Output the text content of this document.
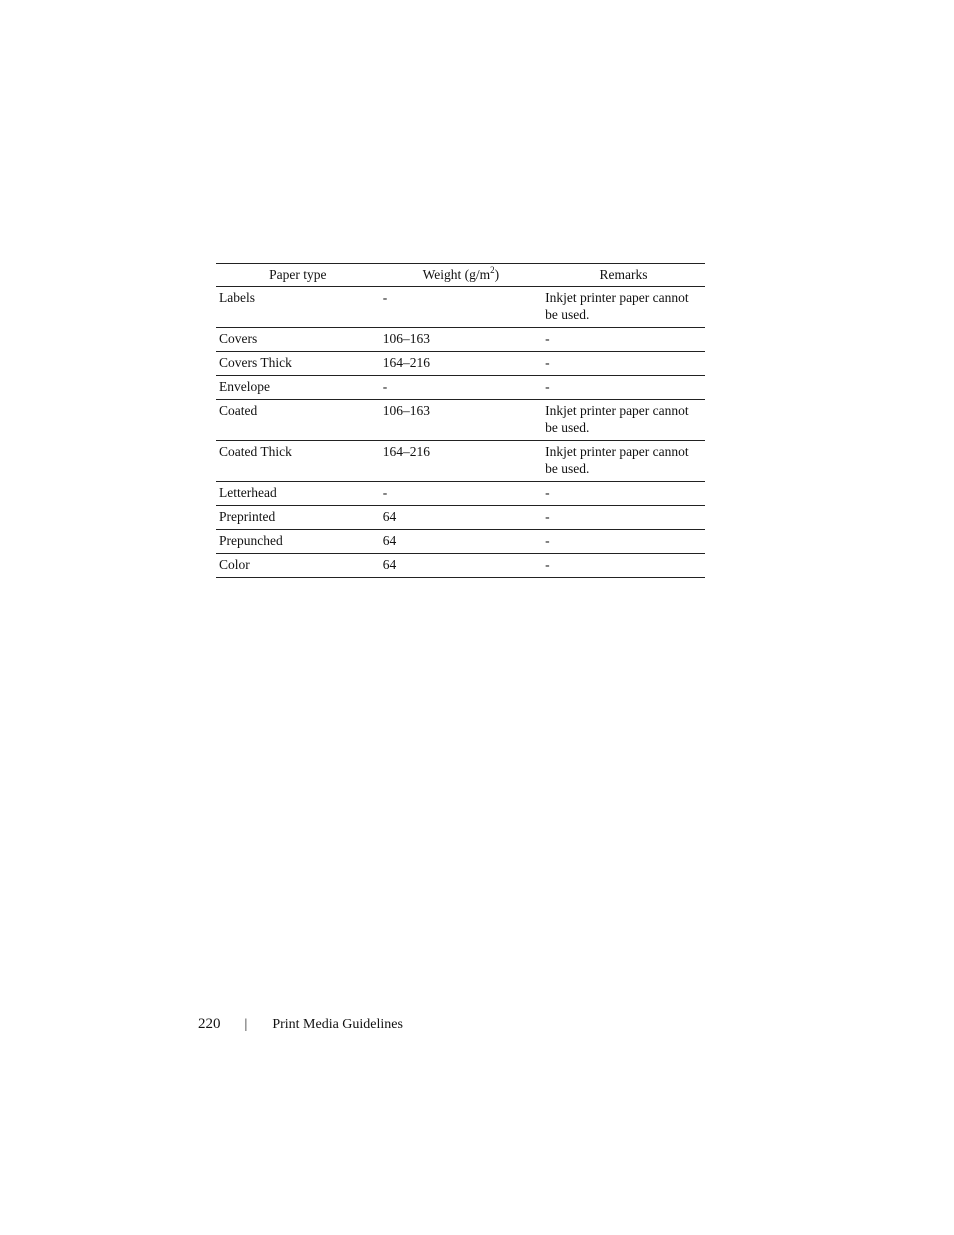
Paper type	Weight $(g/m^2)$	Remarks
Labels	-	Inkjet printer paper cannot be used.
Covers	106–163	-
Covers Thick	164–216	-
Envelope	-	-
Coated	106–163	Inkjet printer paper cannot be used.
Coated Thick	164–216	Inkjet printer paper cannot be used.
Letterhead	-	-
Preprinted	64	-
Prepunched	64	-
Color	64	-
220 | Print Media Guidelines
